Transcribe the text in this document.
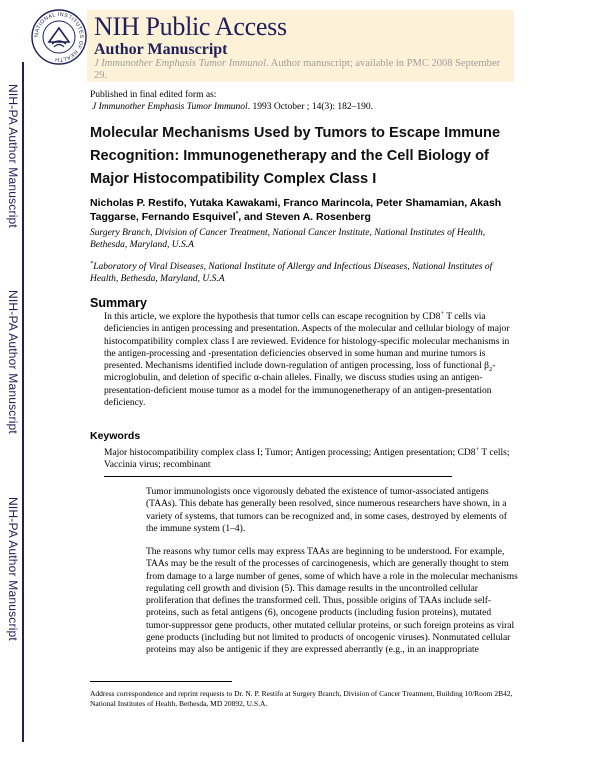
NIH-PA Author Manuscript
NIH-PA Author Manuscript
NIH-PA Author Manuscript
NATIONAL INSTITUTES OF HEALTH
NIH Public Access
Author Manuscript
J Immunother Emphasis Tumor Immunol. Author manuscript; available in PMC 2008 September 29.
Published in final edited form as:
J Immunother Emphasis Tumor Immunol. 1993 October ; 14(3): 182–190.
Molecular Mechanisms Used by Tumors to Escape Immune Recognition: Immunogenetherapy and the Cell Biology of Major Histocompatibility Complex Class I
Nicholas P. Restifo, Yutaka Kawakami, Franco Marincola, Peter Shamamian, Akash
Taggarse, Fernando Esquivel*, and Steven A. Rosenberg
Surgery Branch, Division of Cancer Treatment, National Cancer Institute, National Institutes of Health, Bethesda, Maryland, U.S.A
*Laboratory of Viral Diseases, National Institute of Allergy and Infectious Diseases, National Institutes of Health, Bethesda, Maryland, U.S.A
Summary
In this article, we explore the hypothesis that tumor cells can escape recognition by CD8+ T cells via deficiencies in antigen processing and presentation. Aspects of the molecular and cellular biology of major histocompatibility complex class I are reviewed. Evidence for histology-specific molecular mechanisms in the antigen-processing and -presentation deficiencies observed in some human and murine tumors is presented. Mechanisms identified include down-regulation of antigen processing, loss of functional $\beta_2$-microglobulin, and deletion of specific α-chain alleles. Finally, we discuss studies using an antigen-presentation-deficient mouse tumor as a model for the immunogenetherapy of an antigen-presentation deficiency.
Keywords
Major histocompatibility complex class I; Tumor; Antigen processing; Antigen presentation; CD8+ T cells; Vaccinia virus; recombinant
Tumor immunologists once vigorously debated the existence of tumor-associated antigens (TAAs). This debate has generally been resolved, since numerous researchers have shown, in a variety of systems, that tumors can be recognized and, in some cases, destroyed by elements of the immune system (1–4).
The reasons why tumor cells may express TAAs are beginning to be understood. For example, TAAs may be the result of the processes of carcinogenesis, which are generally thought to stem from damage to a large number of genes, some of which have a role in the molecular mechanisms regulating cell growth and division (5). This damage results in the uncontrolled cellular proliferation that defines the transformed cell. Thus, possible origins of TAAs include self-proteins, such as fetal antigens (6), oncogene products (including fusion proteins), mutated tumor-suppressor gene products, other mutated cellular proteins, or such foreign proteins as viral gene products (including but not limited to products of oncogenic viruses). Nonmutated cellular proteins may also be antigenic if they are expressed aberrantly (e.g., in an inappropriate
Address correspondence and reprint requests to Dr. N. P. Restifo at Surgery Branch, Division of Cancer Treatment, Building 10/Room 2B42, National Institutes of Health, Bethesda, MD 20892, U.S.A.
